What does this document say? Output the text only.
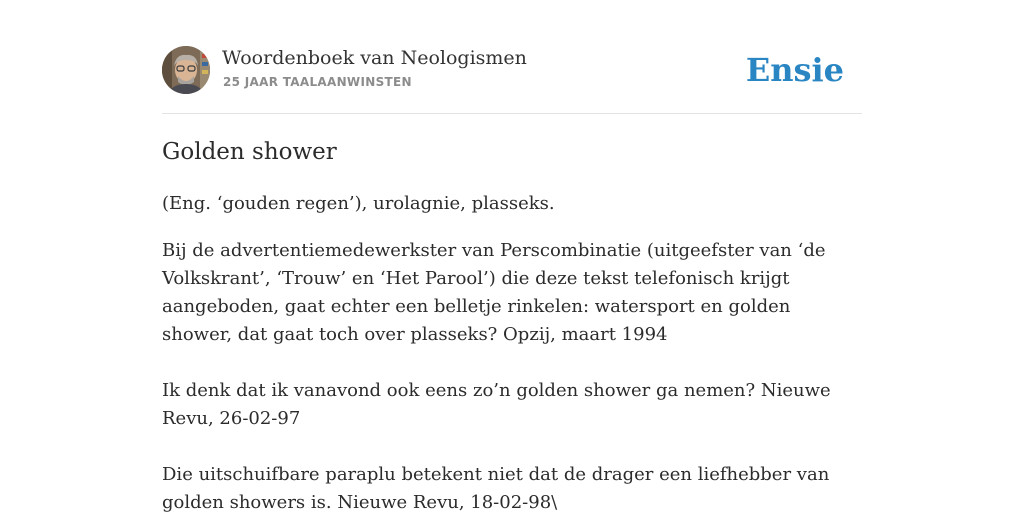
Woordenboek van Neologismen
25 JAAR TAALAANWINSTEN	Ensie
Golden shower

(Eng. ‘gouden regen’), urolagnie, plasseks.

Bij de advertentiemedewerkster van Perscombinatie (uitgeefster van ‘de Volkskrant’, ‘Trouw’ en ‘Het Parool’) die deze tekst telefonisch krijgt aangeboden, gaat echter een belletje rinkelen: watersport en golden shower, dat gaat toch over plasseks? Opzij, maart 1994

Ik denk dat ik vanavond ook eens zo’n golden shower ga nemen? Nieuwe Revu, 26-02-97

Die uitschuifbare paraplu betekent niet dat de drager een liefhebber van golden showers is. Nieuwe Revu, 18-02-98\
